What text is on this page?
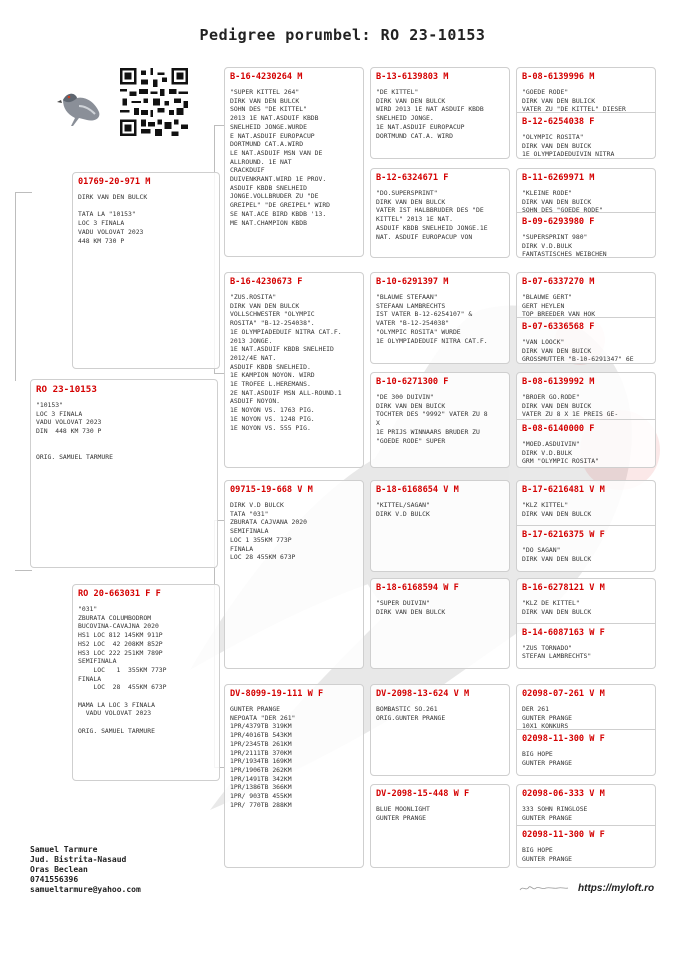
Pedigree porumbel: RO 23-10153
RO 23-10153
"10153"
LOC 3 FINALA
VADU VOLOVAT 2023
DIN  448 KM 730 P

ORIG. SAMUEL TARMURE
01769-20-971 M
DIRK VAN DEN BULCK

TATA LA "10153"
LOC 3 FINALA
VADU VOLOVAT 2023
448 KM 730 P
RO 20-663031 F F
"031"
ZBURATA COLUMBODROM
BUCOVINA-CAVAJNA 2020
HS1 LOC 812 145KM 911P
HS2 LOC  42 208KM 852P
HS3 LOC 222 251KM 789P
SEMIFINALA
LOC   1  355KM 773P
FINALA
LOC  28  455KM 673P

MAMA LA LOC 3 FINALA
VADU VOLOVAT 2023

ORIG. SAMUEL TARMURE
B-16-4230264 M
"SUPER KITTEL 264"
DIRK VAN DEN BULCK
SOHN DES "DE KITTEL"
2013 1E NAT.ASDUIF KBDB
SNELHEID JONGE.WURDE
E NAT.ASDUIF EUROPACUP
DORTMUND CAT.A.WIRD
LE NAT.ASDUIF MSN VAN DE
ALLROUND. 1E NAT
CRACKDUIF
DUIVENKRANT.WIRD 1E PROV.
ASDUIF KBDB SNELHEID
JONGE.VOLLBRUDER ZU "DE
GREIPEL" "DE GREIPEL" WIRD
SE NAT.ACE BIRD KBDB '13.
ME NAT.CHAMPION KBDB
B-16-4230673 F
"ZUS.ROSITA"
DIRK VAN DEN BULCK
VOLLSCHWESTER "OLYMPIC
ROSITA" "B-12-254038".
1E OLYMPIADEDUIF NITRA CAT.F.
2013 JONGE.
1E NAT.ASDUIF KBDB SNELHEID
2012/4E NAT.
ASDUIF KBDB SNELHEID.
1E KAMPION NOYON. WIRD
1E TROFEE L.HEREMANS.
2E NAT.ASDUIF MSN ALL-ROUND.1
ASDUIF NOYON.
1E NOYON VS. 1763 PIG.
1E NOYON VS. 1248 PIG.
1E NOYON VS. 555 PIG.
09715-19-668 V M
DIRK V.D BULCK
TATA "031"
ZBURATA CAJVANA 2020
SEMIFINALA
LOC 1 355KM 773P
FINALA
LOC 28 455KM 673P
DV-8099-19-111 W F
GUNTER PRANGE
NEPOATA "DER 261"
1PR/4379TB 319KM
1PR/4016TB 543KM
1PR/2345TB 261KM
1PR/2111TB 370KM
1PR/1934TB 169KM
1PR/1906TB 262KM
1PR/1491TB 342KM
1PR/1386TB 366KM
1PR/ 903TB 455KM
1PR/ 770TB 288KM
B-13-6139803 M
"DE KITTEL"
DIRK VAN DEN BULCK
WIRD 2013 1E NAT ASDUIF KBDB
SNELHEID JONGE.
1E NAT.ASDUIF EUROPACUP
DORTMUND CAT.A. WIRD
B-12-6324671 F
"DO.SUPERSPRINT"
DIRK VAN DEN BULCK
VATER IST HALBBRUDER DES "DE
KITTEL" 2013 1E NAT.
ASDUIF KBDB SNELHEID JONGE.1E
NAT. ASDUIF EUROPACUP VON
B-10-6291397 M
"BLAUWE STEFAAN"
STEFAAN LAMBRECHTS
IST VATER B-12-6254107" &
VATER "B-12-254038"
"OLYMPIC ROSITA" WURDE
1E OLYMPIADEDUIF NITRA CAT.F.
B-10-6271300 F
"DE 300 DUIVIN"
DIRK VAN DEN BUICK
TOCHTER DES "9992" VATER ZU 8
X
1E PRIJS WINNAARS BRUDER ZU
"GOEDE RODE" SUPER
B-18-6168654 V M
"KITTEL/SAGAN"
DIRK V.D BULCK
B-18-6168594 W F
"SUPER DUIVIN"
DIRK VAN DEN BULCK
DV-2098-13-624 V M
BOMBASTIC SO.261
ORIG.GUNTER PRANGE
DV-2098-15-448 W F
BLUE MOONLIGHT
GUNTER PRANGE
B-08-6139996 M
"GOEDE RODE"
DIRK VAN DEN BULICK
VATER ZU "DE KITTEL" DIESER
B-12-6254038 F
"OLYMPIC ROSITA"
DIRK VAN DEN BUICK
1E OLYMPIADEDUIVIN NITRA
B-11-6269971 M
"KLEINE RODE"
DIRK VAN DEN BUICK
SOHN DES "GOEDE RODE"
B-09-6293980 F
"SUPERSPRINT 980"
DIRK V.D.BULK
FANTASTISCHES WEIBCHEN
B-07-6337270 M
"BLAUWE GERT"
GERT HEYLEN
TOP BREEDER VAN HOK
B-07-6336568 F
"VAN LOOCK"
DIRK VAN DEN BUICK
GROSSMUTTER "B-10-6291347" 6E
B-08-6139992 M
"BROER GO.RODE"
DIRK VAN DEN BUICK
VATER ZU 8 X 1E PREIS GE-
B-08-6140000 F
"MOED.ASDUIVIN"
DIRK V.D.BULK
GRM "OLYMPIC ROSITA"
B-17-6216481 V M
"KLZ KITTEL"
DIRK VAN DEN BULCK
B-17-6216375 W F
"DO SAGAN"
DIRK VAN DEN BULCK
B-16-6278121 V M
"KLZ DE KITTEL"
DIRK VAN DEN BULCK
B-14-6087163 W F
"ZUS TORNADO"
STEFAN LAMBRECHTS"
02098-07-261 V M
DER 261
GUNTER PRANGE
10X1 KONKURS
02098-11-300 W F
BIG HOPE
GUNTER PRANGE
02098-06-333 V M
333 SOHN RINGLOSE
GUNTER PRANGE
02098-11-300 W F
BIG HOPE
GUNTER PRANGE
Samuel Tarmure
Jud. Bistrita-Nasaud
Oras Beclean
0741556396
samueltarmure@yahoo.com	https://myloft.ro
